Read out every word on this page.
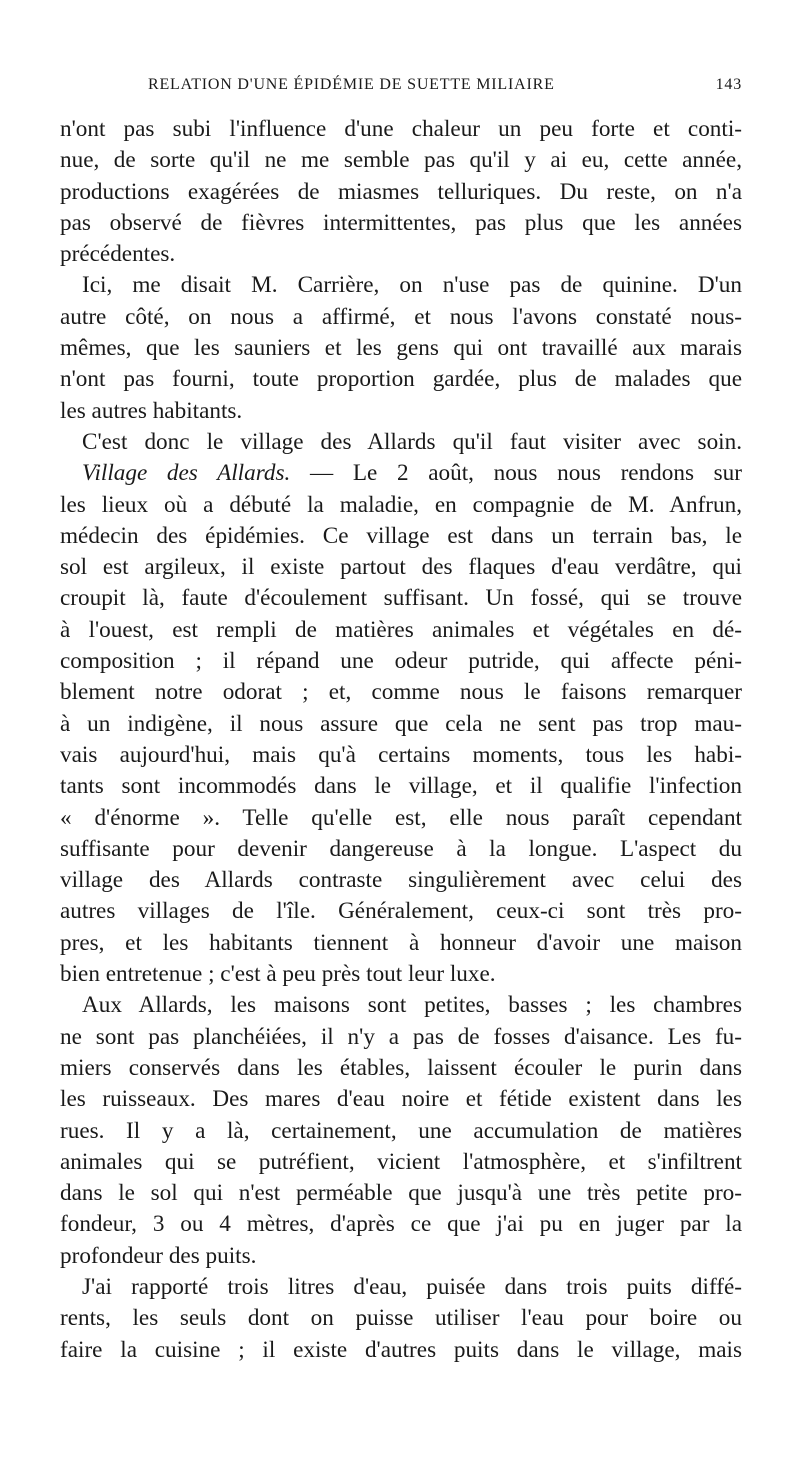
RELATION D'UNE ÉPIDÉMIE DE SUETTE MILIAIRE	143
n'ont pas subi l'influence d'une chaleur un peu forte et conti-
nue, de sorte qu'il ne me semble pas qu'il y ai eu, cette année,
productions exagérées de miasmes telluriques. Du reste, on n'a
pas observé de fièvres intermittentes, pas plus que les années
précédentes.
Ici, me disait M. Carrière, on n'use pas de quinine. D'un
autre côté, on nous a affirmé, et nous l'avons constaté nous-
mêmes, que les sauniers et les gens qui ont travaillé aux marais
n'ont pas fourni, toute proportion gardée, plus de malades que
les autres habitants.
C'est donc le village des Allards qu'il faut visiter avec soin.
Village des Allards. — Le 2 août, nous nous rendons sur
les lieux où a débuté la maladie, en compagnie de M. Anfrun,
médecin des épidémies. Ce village est dans un terrain bas, le
sol est argileux, il existe partout des flaques d'eau verdâtre, qui
croupit là, faute d'écoulement suffisant. Un fossé, qui se trouve
à l'ouest, est rempli de matières animales et végétales en dé-
composition ; il répand une odeur putride, qui affecte péni-
blement notre odorat ; et, comme nous le faisons remarquer
à un indigène, il nous assure que cela ne sent pas trop mau-
vais aujourd'hui, mais qu'à certains moments, tous les habi-
tants sont incommodés dans le village, et il qualifie l'infection
« d'énorme ». Telle qu'elle est, elle nous paraît cependant
suffisante pour devenir dangereuse à la longue. L'aspect du
village des Allards contraste singulièrement avec celui des
autres villages de l'île. Généralement, ceux-ci sont très pro-
pres, et les habitants tiennent à honneur d'avoir une maison
bien entretenue ; c'est à peu près tout leur luxe.
Aux Allards, les maisons sont petites, basses ; les chambres
ne sont pas planchéiées, il n'y a pas de fosses d'aisance. Les fu-
miers conservés dans les étables, laissent écouler le purin dans
les ruisseaux. Des mares d'eau noire et fétide existent dans les
rues. Il y a là, certainement, une accumulation de matières
animales qui se putréfient, vicient l'atmosphère, et s'infiltrent
dans le sol qui n'est perméable que jusqu'à une très petite pro-
fondeur, 3 ou 4 mètres, d'après ce que j'ai pu en juger par la
profondeur des puits.
J'ai rapporté trois litres d'eau, puisée dans trois puits diffé-
rents, les seuls dont on puisse utiliser l'eau pour boire ou
faire la cuisine ; il existe d'autres puits dans le village, mais
